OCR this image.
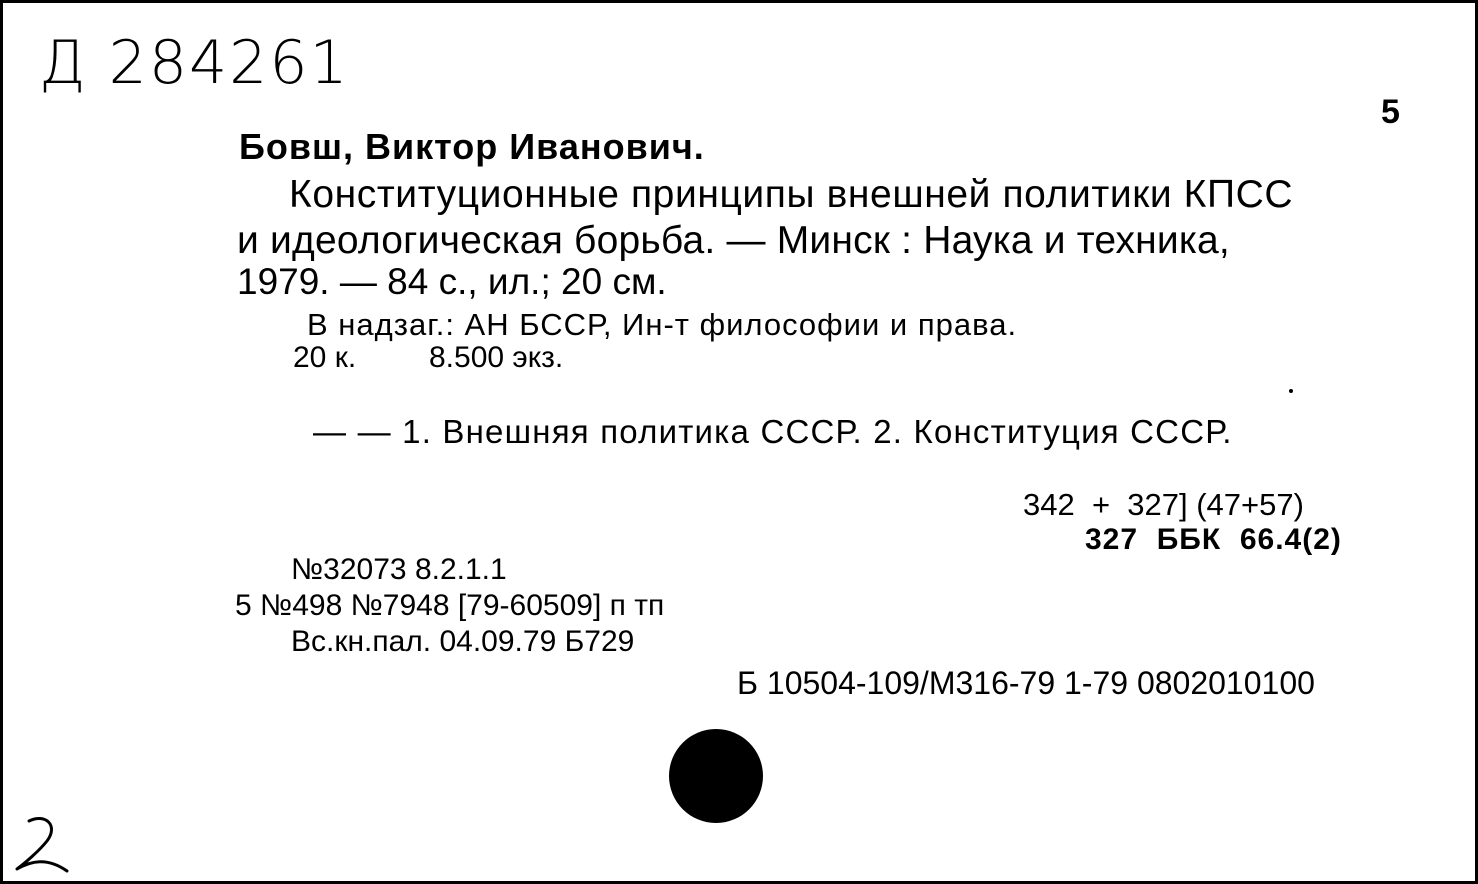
Д 284261
5
Бовш, Виктор Иванович.
Конституционные принципы внешней политики КПСС
и идеологическая борьба. — Минск : Наука и техника,
1979. — 84 с., ил.; 20 см.
В надзаг.: АН БССР, Ин-т философии и права.
20 к. 8.500 экз.
— — 1. Внешняя политика СССР. 2. Конституция СССР.
342  +  327] (47+57)
327  ББК  66.4(2)
№32073 8.2.1.1
5 №498 №7948 [79-60509] п тп
Вс.кн.пал. 04.09.79 Б729
Б 10504-109/М316-79 1-79 0802010100
